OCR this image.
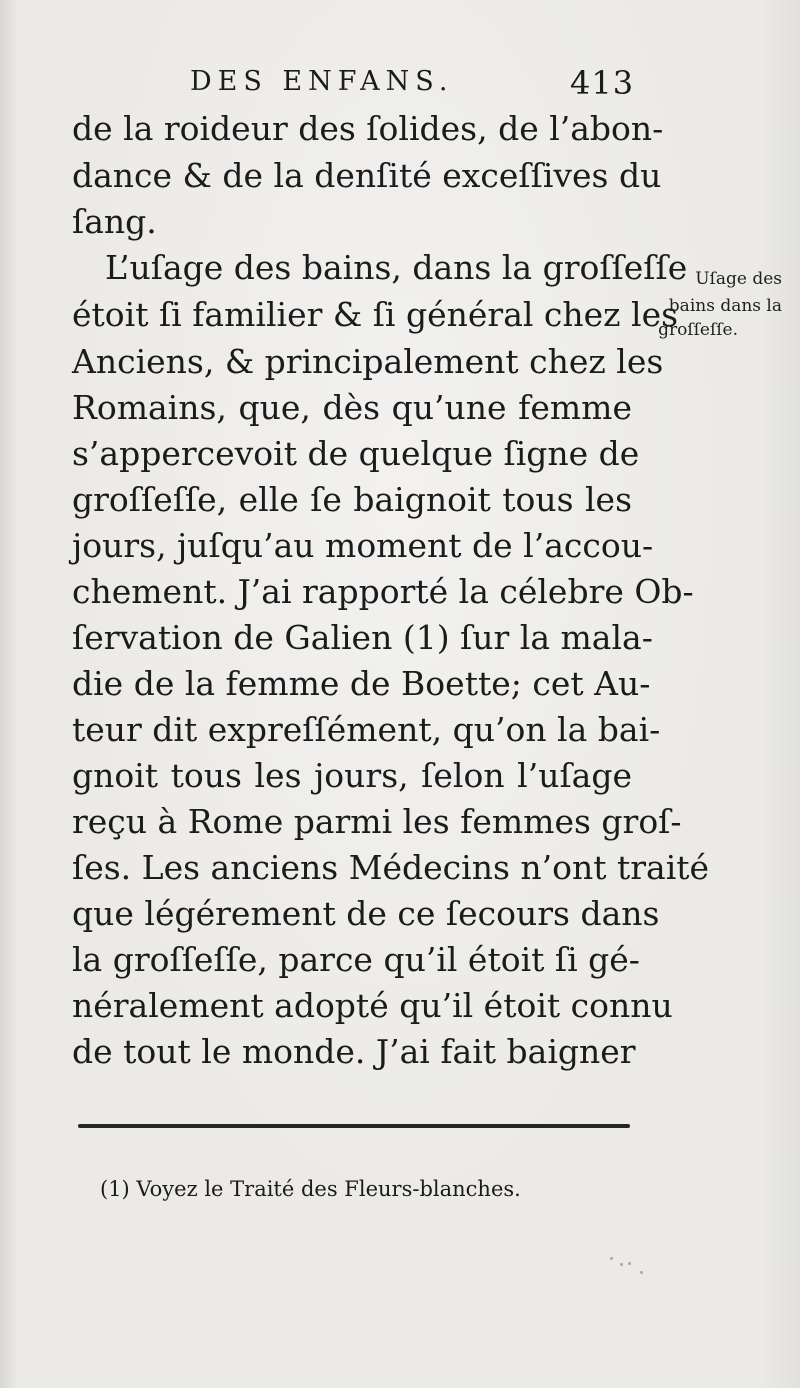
DES ENFANS.	413
de la roideur des ſolides, de l’abon-
dance & de la denſité exceſſives du
ſang.
L’uſage des bains, dans la groſſeſſe
étoit ſi familier & ſi général chez les
Anciens, & principalement chez les
Romains, que, dès qu’une femme
s’appercevoit de quelque ſigne de
groſſeſſe, elle ſe baignoit tous les
jours, juſqu’au moment de l’accou-
chement. J’ai rapporté la célebre Ob-
ſervation de Galien (1) ſur la mala-
die de la femme de Boette; cet Au-
teur dit expreſſément, qu’on la bai-
gnoit tous les jours, ſelon l’uſage
reçu à Rome parmi les femmes groſ-
ſes. Les anciens Médecins n’ont traité
que légérement de ce ſecours dans
la groſſeſſe, parce qu’il étoit ſi gé-
néralement adopté qu’il étoit connu
de tout le monde. J’ai fait baigner
Uſage des
bains dans la
groſſeſſe.
(1) Voyez le Traité des Fleurs-blanches.
